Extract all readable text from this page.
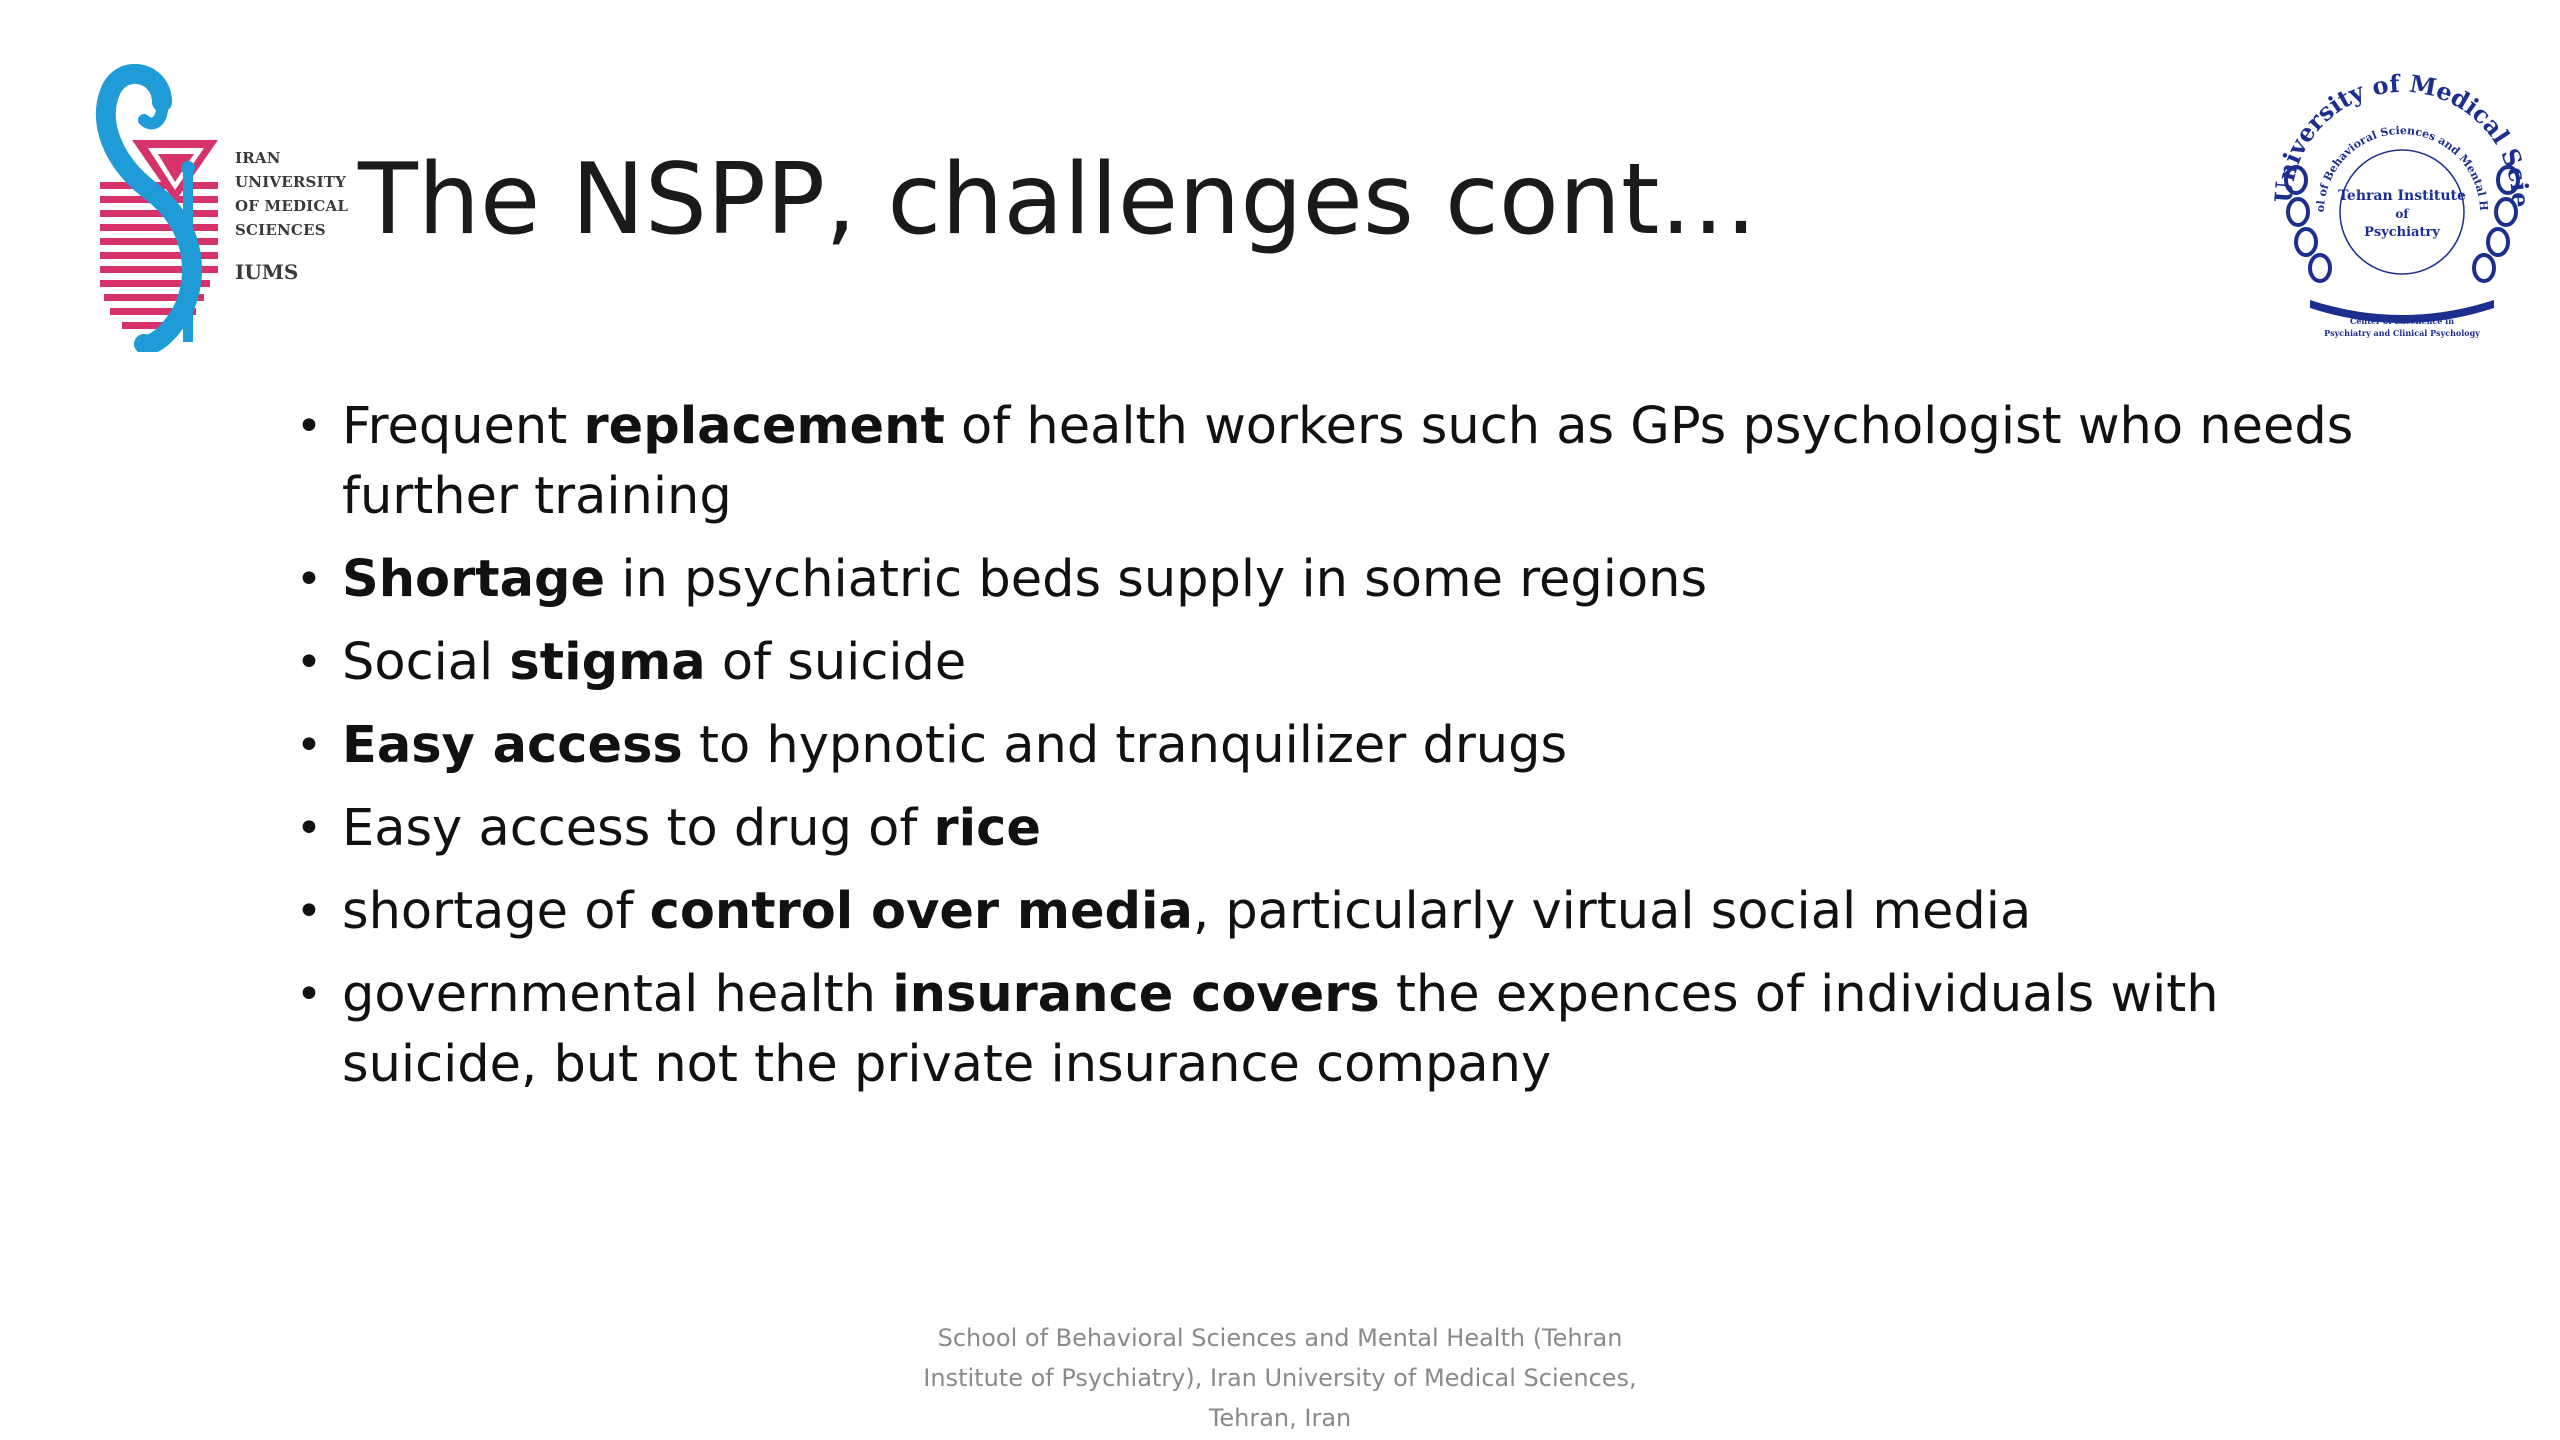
IRAN
UNIVERSITY
OF MEDICAL
SCIENCES
IUMS
The NSPP, challenges cont…	University of Medical Scie
ol of Behavioral Sciences and Mental H
Tehran Institute
of
Psychiatry
Center of Excellence in
Psychiatry and Clinical Psychology
• Frequent replacement of health workers such as GPs psychologist who needs further training
• Shortage in psychiatric beds supply in some regions
• Social stigma of suicide
• Easy access to hypnotic and tranquilizer drugs
• Easy access to drug of rice
• shortage of control over media, particularly virtual social media
• governmental health insurance covers the expences of individuals with suicide, but not the private insurance company
School of Behavioral Sciences and Mental Health (Tehran
Institute of Psychiatry), Iran University of Medical Sciences,
Tehran, Iran
